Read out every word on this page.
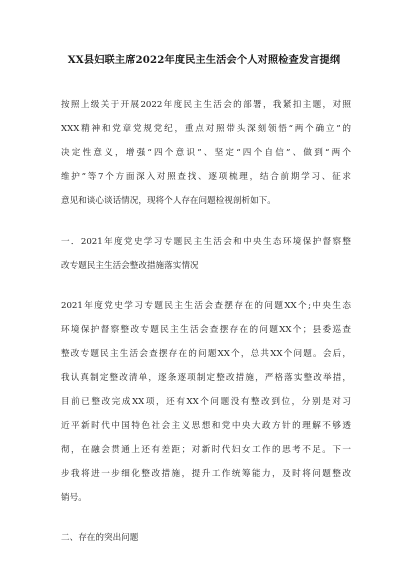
XX县妇联主席2022年度民主生活会个人对照检查发言提纲
按照上级关于开展2022年度民主生活会的部署，我紧扣主题，对照
XXX精神和党章党规党纪，重点对照带头深刻领悟“两个确立”的
决定性意义，增强“四个意识”、坚定“四个自信”、做到“两个
维护”等7个方面深入对照查找、逐项梳理，结合前期学习、征求
意见和谈心谈话情况，现将个人存在问题检视剖析如下。
一．2021年度党史学习专题民主生活会和中央生态环境保护督察整
改专题民主生活会整改措施落实情况
2021年度党史学习专题民主生活会查摆存在的问题XX个;中央生态
环境保护督察整改专题民主生活会查摆存在的问题XX个；县委巡查
整改专题民主生活会查摆存在的问题XX个，总共XX个问题。会后，
我认真制定整改清单，逐条逐项制定整改措施，严格落实整改举措，
目前已整改完成XX项，还有XX个问题没有整改到位，分别是对习
近平新时代中国特色社会主义思想和党中央大政方针的理解不够透
彻，在融会贯通上还有差距；对新时代妇女工作的思考不足。下一
步我将进一步细化整改措施，提升工作统筹能力，及时将问题整改
销号。
二、存在的突出问题
